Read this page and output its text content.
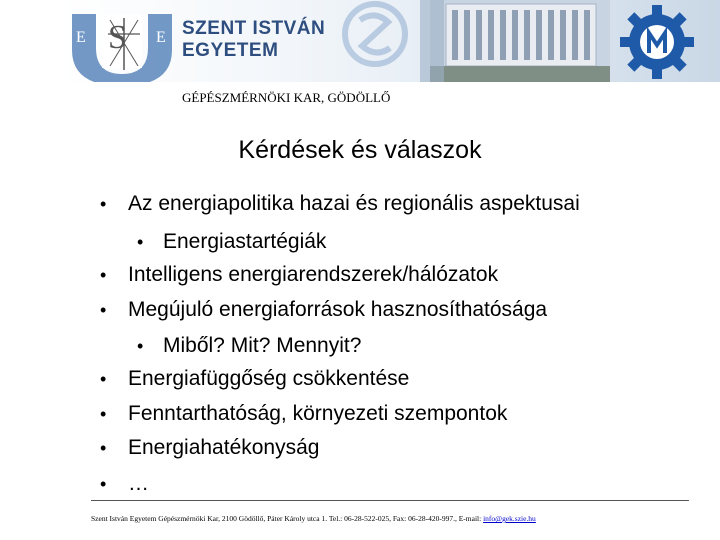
S
E	E SZENT ISTVÁN
EGYETEM
GÉPÉSZMÉRNÖKI KAR, GÖDÖLLŐ
Kérdések és válaszok
• Az energiapolitika hazai és regionális aspektusai
• Energiastartégiák
• Intelligens energiarendszerek/hálózatok
• Megújuló energiaforrások hasznosíthatósága
• Miből? Mit? Mennyit?
• Energiafüggőség csökkentése
• Fenntarthatóság, környezeti szempontok
• Energiahatékonyság
• …
Szent István Egyetem Gépészmérnöki Kar, 2100 Gödöllő, Páter Károly utca 1. Tel.: 06-28-522-025, Fax: 06-28-420-997., E-mail: info@gek.szie.hu
